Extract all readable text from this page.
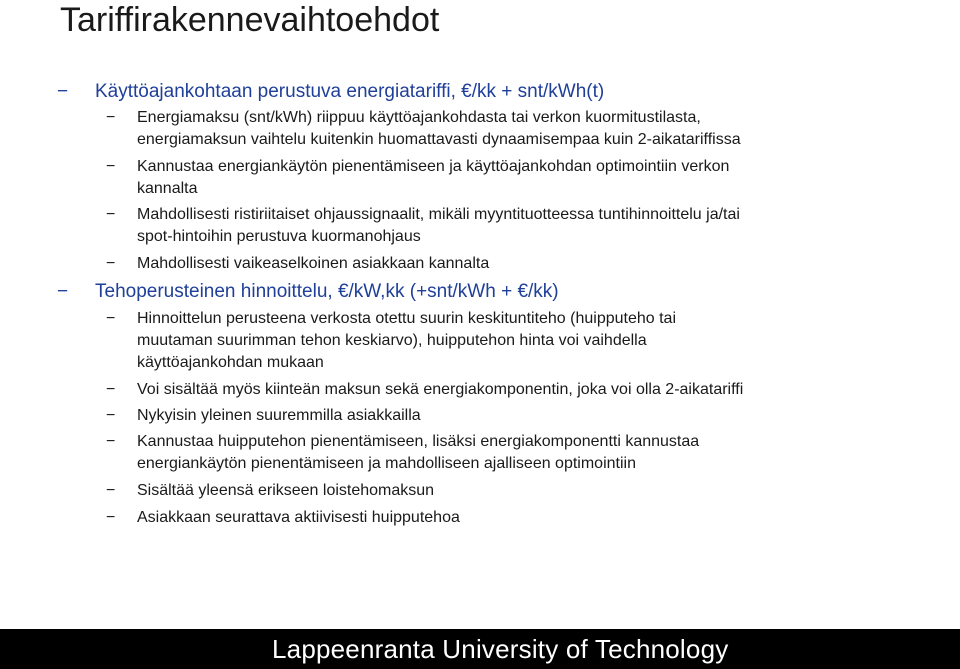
Tariffirakennevaihtoehdot
− Käyttöajankohtaan perustuva energiatariffi, €/kk + snt/kWh(t)
− Energiamaksu (snt/kWh) riippuu käyttöajankohdasta tai verkon kuormitustilasta,
energiamaksun vaihtelu kuitenkin huomattavasti dynaamisempaa kuin 2-aikatariffissa
− Kannustaa energiankäytön pienentämiseen ja käyttöajankohdan optimointiin verkon
kannalta
− Mahdollisesti ristiriitaiset ohjaussignaalit, mikäli myyntituotteessa tuntihinnoittelu ja/tai
spot-hintoihin perustuva kuormanohjaus
− Mahdollisesti vaikeaselkoinen asiakkaan kannalta
− Tehoperusteinen hinnoittelu, €/kW,kk (+snt/kWh + €/kk)
− Hinnoittelun perusteena verkosta otettu suurin keskituntiteho (huipputeho tai
muutaman suurimman tehon keskiarvo), huipputehon hinta voi vaihdella
käyttöajankohdan mukaan
− Voi sisältää myös kiinteän maksun sekä energiakomponentin, joka voi olla 2-aikatariffi
− Nykyisin yleinen suuremmilla asiakkailla
− Kannustaa huipputehon pienentämiseen, lisäksi energiakomponentti kannustaa
energiankäytön pienentämiseen ja mahdolliseen ajalliseen optimointiin
− Sisältää yleensä erikseen loistehomaksun
− Asiakkaan seurattava aktiivisesti huipputehoa
Lappeenranta University of Technology
